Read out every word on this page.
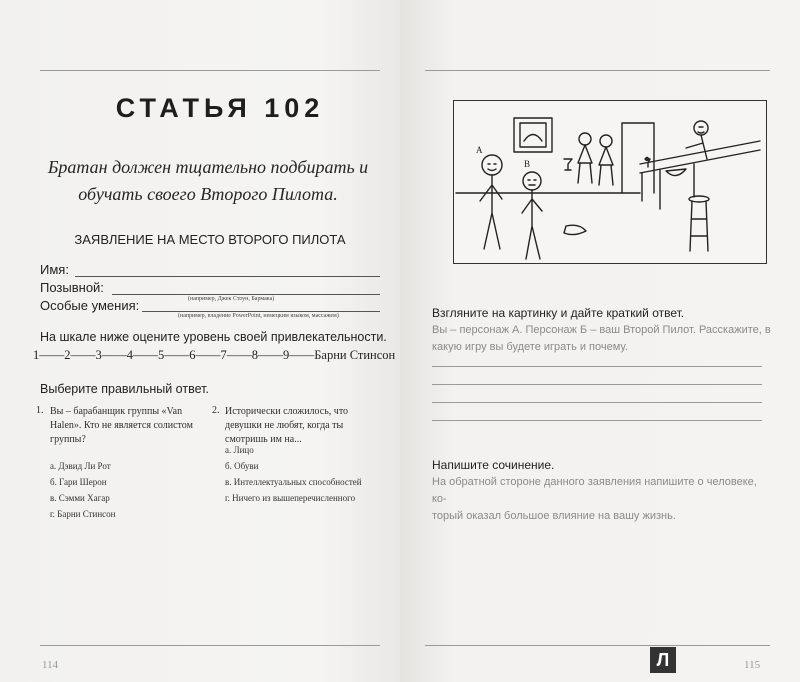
СТАТЬЯ 102
Братан должен тщательно подбирать и
обучать своего Второго Пилота.
ЗАЯВЛЕНИЕ НА МЕСТО ВТОРОГО ПИЛОТА
Имя:
Позывной:
(например, Джек Стоун, Бармака)
Особые умения:
(например, владение PowerPoint, немецким языком, массажем)
На шкале ниже оцените уровень своей привлекательности.
1——2——3——4——5——6——7——8——9——Барни Стинсон
Выберите правильный ответ.
1. Вы – барабанщик группы «Van Halen». Кто не является солистом группы?
а. Дэвид Ли Рот
б. Гари Шерон
в. Сэмми Хагар
г. Барни Стинсон
2. Исторически сложилось, что девушки не любят, когда ты смотришь им на...
а. Лицо
б. Обуви
в. Интеллектуальных способностей
г. Ничего из вышеперечисленного
114
A
B
Взгляните на картинку и дайте краткий ответ.
Вы – персонаж А. Персонаж Б – ваш Второй Пилот. Расскажите, в
какую игру вы будете играть и почему.
Напишите сочинение.
На обратной стороне данного заявления напишите о человеке, ко-
торый оказал большое влияние на вашу жизнь.
Л	115
